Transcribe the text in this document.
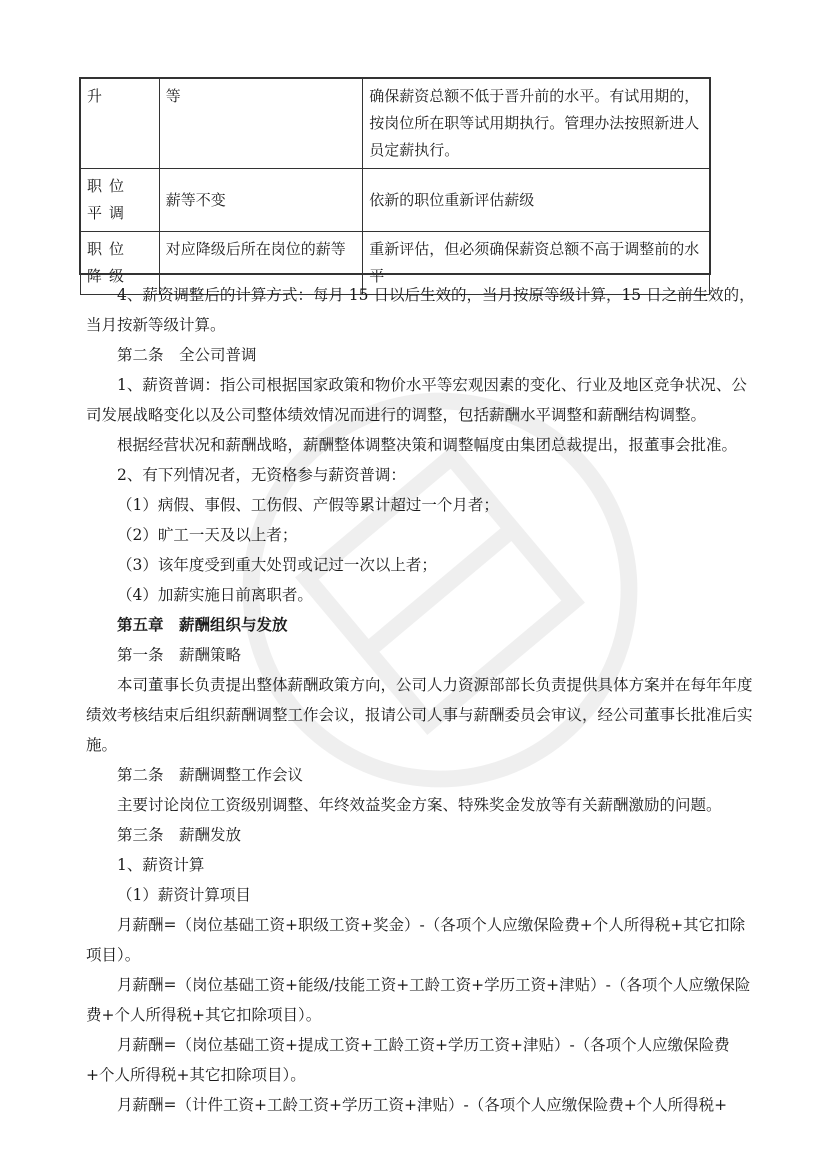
升	等	确保薪资总额不低于晋升前的水平。有试用期的，按岗位所在职等试用期执行。管理办法按照新进人员定薪执行。
职位平调	薪等不变	依新的职位重新评估薪级
职位降级	对应降级后所在岗位的薪等	重新评估，但必须确保薪资总额不高于调整前的水平

4、薪资调整后的计算方式：每月 15 日以后生效的，当月按原等级计算，15 日之前生效的，当月按新等级计算。

第二条　全公司普调

1、薪资普调：指公司根据国家政策和物价水平等宏观因素的变化、行业及地区竞争状况、公司发展战略变化以及公司整体绩效情况而进行的调整，包括薪酬水平调整和薪酬结构调整。

根据经营状况和薪酬战略，薪酬整体调整决策和调整幅度由集团总裁提出，报董事会批准。

2、有下列情况者，无资格参与薪资普调：

（1）病假、事假、工伤假、产假等累计超过一个月者；

（2）旷工一天及以上者；

（3）该年度受到重大处罚或记过一次以上者；

（4）加薪实施日前离职者。

第五章　薪酬组织与发放

第一条　薪酬策略

本司董事长负责提出整体薪酬政策方向，公司人力资源部部长负责提供具体方案并在每年年度绩效考核结束后组织薪酬调整工作会议，报请公司人事与薪酬委员会审议，经公司董事长批准后实施。

第二条　薪酬调整工作会议

主要讨论岗位工资级别调整、年终效益奖金方案、特殊奖金发放等有关薪酬激励的问题。

第三条　薪酬发放

1、薪资计算

（1）薪资计算项目

月薪酬=（岗位基础工资+职级工资+奖金）-（各项个人应缴保险费+个人所得税+其它扣除项目）。

月薪酬=（岗位基础工资+能级/技能工资+工龄工资+学历工资+津贴）-（各项个人应缴保险费+个人所得税+其它扣除项目）。

月薪酬=（岗位基础工资+提成工资+工龄工资+学历工资+津贴）-（各项个人应缴保险费+个人所得税+其它扣除项目）。

月薪酬=（计件工资+工龄工资+学历工资+津贴）-（各项个人应缴保险费+个人所得税+
